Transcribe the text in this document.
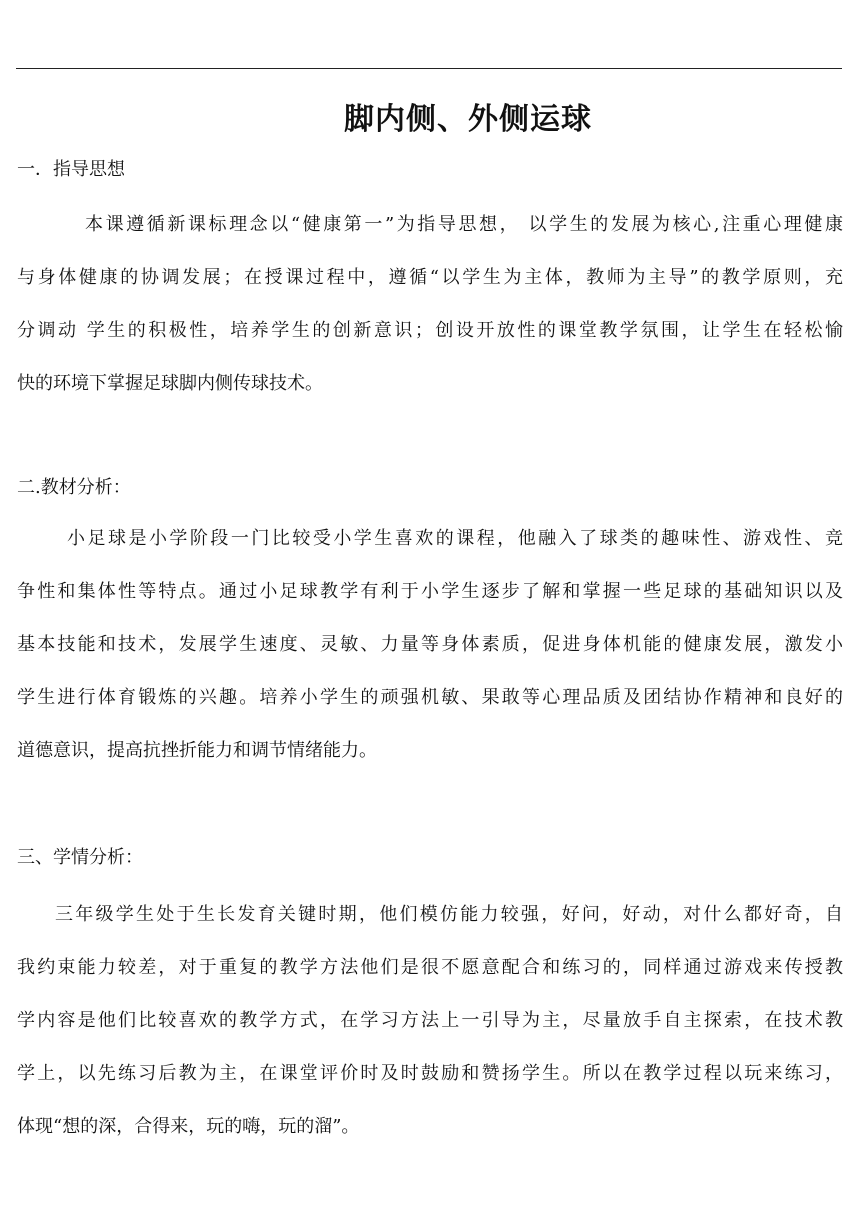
脚内侧、外侧运球
一．指导思想
本课遵循新课标理念以“健康第一”为指导思想， 以学生的发展为核心,注重心理健康
与身体健康的协调发展；在授课过程中，遵循“以学生为主体，教师为主导”的教学原则，充
分调动 学生的积极性，培养学生的创新意识；创设开放性的课堂教学氛围，让学生在轻松愉
快的环境下掌握足球脚内侧传球技术。
二.教材分析：
小足球是小学阶段一门比较受小学生喜欢的课程，他融入了球类的趣味性、游戏性、竞
争性和集体性等特点。通过小足球教学有利于小学生逐步了解和掌握一些足球的基础知识以及
基本技能和技术，发展学生速度、灵敏、力量等身体素质，促进身体机能的健康发展，激发小
学生进行体育锻炼的兴趣。培养小学生的顽强机敏、果敢等心理品质及团结协作精神和良好的
道德意识，提高抗挫折能力和调节情绪能力。
三、学情分析：
三年级学生处于生长发育关键时期，他们模仿能力较强，好问，好动，对什么都好奇，自
我约束能力较差，对于重复的教学方法他们是很不愿意配合和练习的，同样通过游戏来传授教
学内容是他们比较喜欢的教学方式，在学习方法上一引导为主，尽量放手自主探索，在技术教
学上，以先练习后教为主，在课堂评价时及时鼓励和赞扬学生。所以在教学过程以玩来练习，
体现“想的深，合得来，玩的嗨，玩的溜”。
